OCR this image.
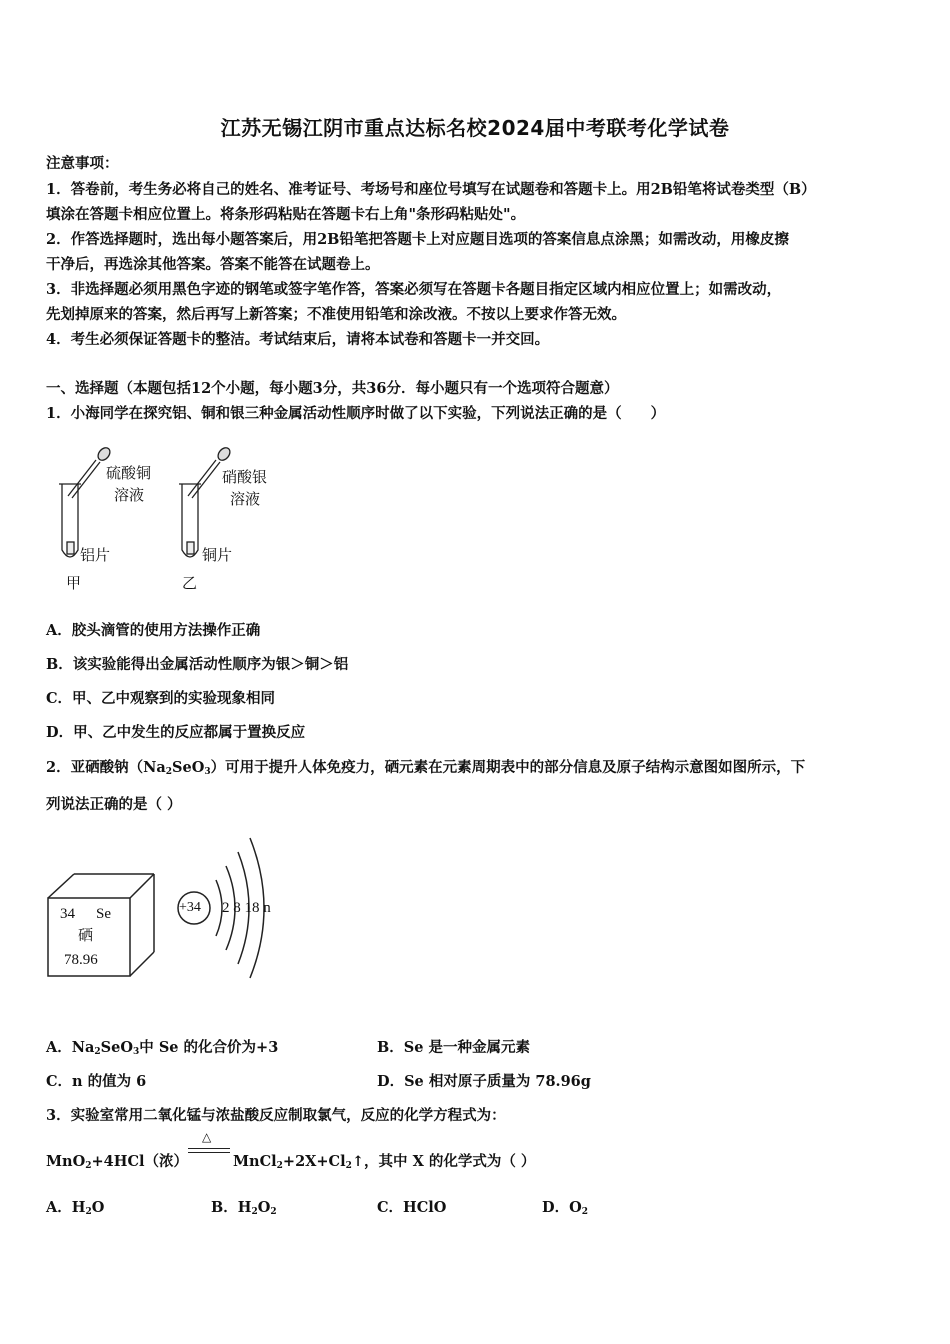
江苏无锡江阴市重点达标名校2024届中考联考化学试卷
注意事项：
1．答卷前，考生务必将自己的姓名、准考证号、考场号和座位号填写在试题卷和答题卡上。用2B铅笔将试卷类型（B）
填涂在答题卡相应位置上。将条形码粘贴在答题卡右上角"条形码粘贴处"。
2．作答选择题时，选出每小题答案后，用2B铅笔把答题卡上对应题目选项的答案信息点涂黑；如需改动，用橡皮擦
干净后，再选涂其他答案。答案不能答在试题卷上。
3．非选择题必须用黑色字迹的钢笔或签字笔作答，答案必须写在答题卡各题目指定区域内相应位置上；如需改动，
先划掉原来的答案，然后再写上新答案；不准使用铅笔和涂改液。不按以上要求作答无效。
4．考生必须保证答题卡的整洁。考试结束后，请将本试卷和答题卡一并交回。
一、选择题（本题包括12个小题，每小题3分，共36分．每小题只有一个选项符合题意）
1．小海同学在探究铝、铜和银三种金属活动性顺序时做了以下实验，下列说法正确的是（　　）
硫酸铜
溶液
铝片
甲
硝酸银
溶液
铜片
乙
A．胶头滴管的使用方法操作正确
B．该实验能得出金属活动性顺序为银＞铜＞铝
C．甲、乙中观察到的实验现象相同
D．甲、乙中发生的反应都属于置换反应
2．亚硒酸钠$(Na_2SeO_3)$可用于提升人体免疫力，硒元素在元素周期表中的部分信息及原子结构示意图如图所示，下
列说法正确的是（ ）
34 Se
硒
78.96
+34 2 8 18 n
A．$Na_2SeO_3$中 Se 的化合价为+3	B．Se 是一种金属元素
C．n 的值为 6	D．Se 相对原子质量为 78.96g
3．实验室常用二氧化锰与浓盐酸反应制取氯气，反应的化学方程式为：
MnO$_2$+4HCl（浓）
△
$MnCl_2+2X+Cl_2↑$，其中 X 的化学式为（ ）
A．$H_2O$	B．$H_2O_2$	C．HClO	D．$O_2$
